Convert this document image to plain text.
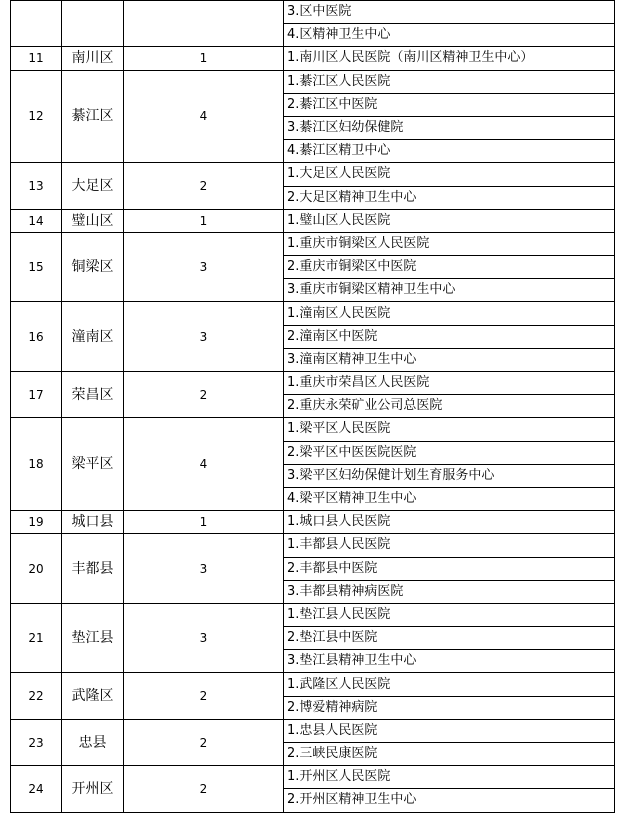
			3.区中医院
			4.区精神卫生中心
11	南川区	1	1.南川区人民医院（南川区精神卫生中心）
12	綦江区	4	1.綦江区人民医院
			2.綦江区中医院
			3.綦江区妇幼保健院
			4.綦江区精卫中心
13	大足区	2	1.大足区人民医院
			2.大足区精神卫生中心
14	璧山区	1	1.璧山区人民医院
15	铜梁区	3	1.重庆市铜梁区人民医院
			2.重庆市铜梁区中医院
			3.重庆市铜梁区精神卫生中心
16	潼南区	3	1.潼南区人民医院
			2.潼南区中医院
			3.潼南区精神卫生中心
17	荣昌区	2	1.重庆市荣昌区人民医院
			2.重庆永荣矿业公司总医院
18	梁平区	4	1.梁平区人民医院
			2.梁平区中医医院医院
			3.梁平区妇幼保健计划生育服务中心
			4.梁平区精神卫生中心
19	城口县	1	1.城口县人民医院
20	丰都县	3	1.丰都县人民医院
			2.丰都县中医院
			3.丰都县精神病医院
21	垫江县	3	1.垫江县人民医院
			2.垫江县中医院
			3.垫江县精神卫生中心
22	武隆区	2	1.武隆区人民医院
			2.博爱精神病院
23	忠县	2	1.忠县人民医院
			2.三峡民康医院
24	开州区	2	1.开州区人民医院
			2.开州区精神卫生中心
